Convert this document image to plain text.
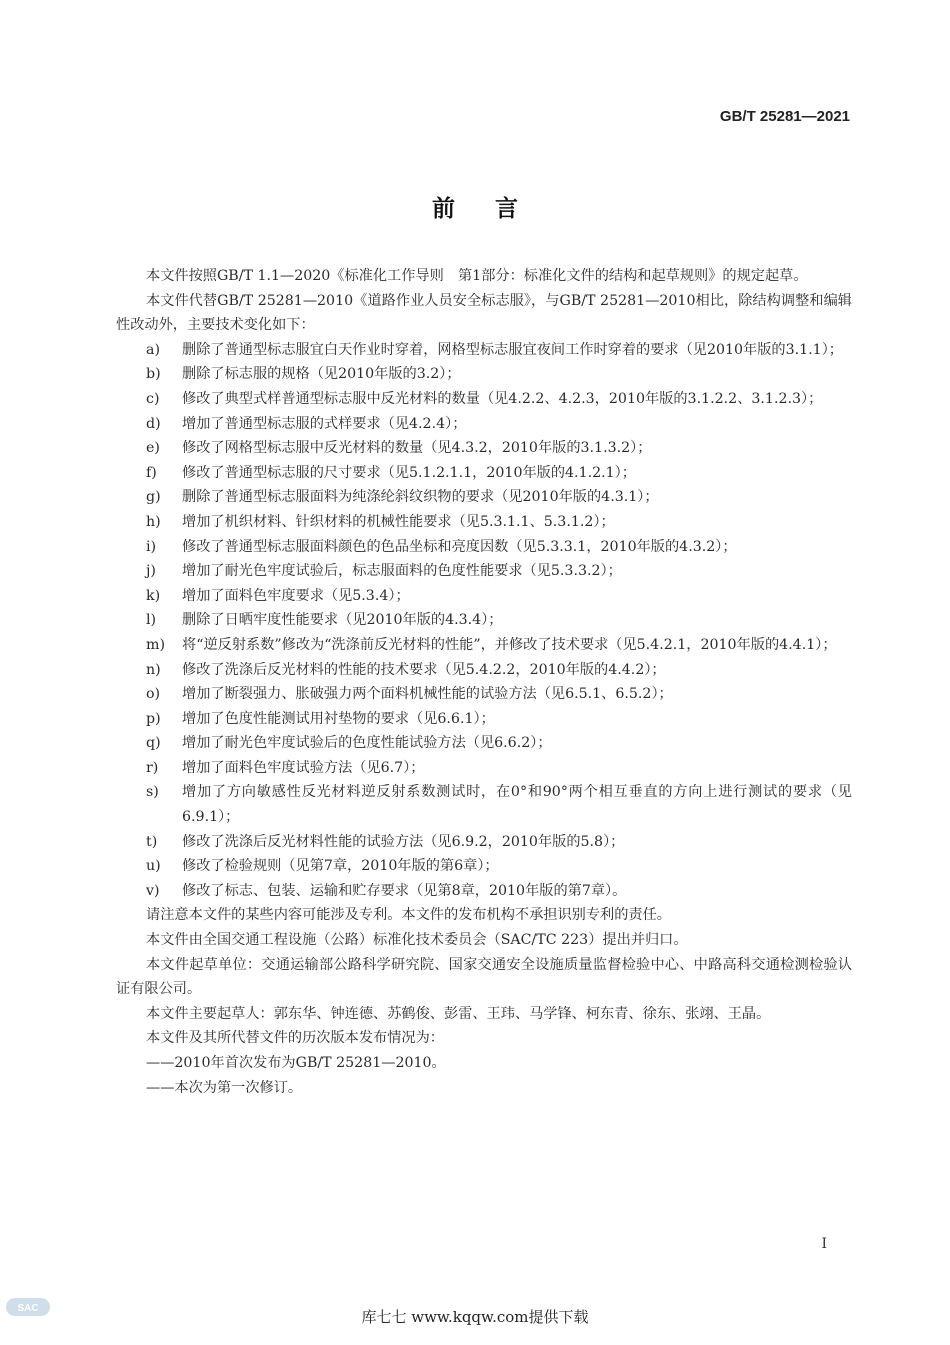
GB/T 25281—2021
前言

本文件按照GB/T 1.1—2020《标准化工作导则　第1部分：标准化文件的结构和起草规则》的规定起草。

本文件代替GB/T 25281—2010《道路作业人员安全标志服》，与GB/T 25281—2010相比，除结构调整和编辑性改动外，主要技术变化如下：

a)	删除了普通型标志服宜白天作业时穿着，网格型标志服宜夜间工作时穿着的要求（见2010年版的3.1.1）；
b)	删除了标志服的规格（见2010年版的3.2）；
c)	修改了典型式样普通型标志服中反光材料的数量（见4.2.2、4.2.3，2010年版的3.1.2.2、3.1.2.3）；
d)	增加了普通型标志服的式样要求（见4.2.4）；
e)	修改了网格型标志服中反光材料的数量（见4.3.2，2010年版的3.1.3.2）；
f)	修改了普通型标志服的尺寸要求（见5.1.2.1.1，2010年版的4.1.2.1）；
g)	删除了普通型标志服面料为纯涤纶斜纹织物的要求（见2010年版的4.3.1）；
h)	增加了机织材料、针织材料的机械性能要求（见5.3.1.1、5.3.1.2）；
i)	修改了普通型标志服面料颜色的色品坐标和亮度因数（见5.3.3.1，2010年版的4.3.2）；
j)	增加了耐光色牢度试验后，标志服面料的色度性能要求（见5.3.3.2）；
k)	增加了面料色牢度要求（见5.3.4）；
l)	删除了日晒牢度性能要求（见2010年版的4.3.4）；
m)	将“逆反射系数”修改为“洗涤前反光材料的性能”，并修改了技术要求（见5.4.2.1，2010年版的4.4.1）；
n)	修改了洗涤后反光材料的性能的技术要求（见5.4.2.2，2010年版的4.4.2）；
o)	增加了断裂强力、胀破强力两个面料机械性能的试验方法（见6.5.1、6.5.2）；
p)	增加了色度性能测试用衬垫物的要求（见6.6.1）；
q)	增加了耐光色牢度试验后的色度性能试验方法（见6.6.2）；
r)	增加了面料色牢度试验方法（见6.7）；
s)	增加了方向敏感性反光材料逆反射系数测试时，在0°和90°两个相互垂直的方向上进行测试的要求（见6.9.1）；
t)	修改了洗涤后反光材料性能的试验方法（见6.9.2，2010年版的5.8）；
u)	修改了检验规则（见第7章，2010年版的第6章）；
v)	修改了标志、包装、运输和贮存要求（见第8章，2010年版的第7章）。

请注意本文件的某些内容可能涉及专利。本文件的发布机构不承担识别专利的责任。

本文件由全国交通工程设施（公路）标准化技术委员会（SAC/TC 223）提出并归口。

本文件起草单位：交通运输部公路科学研究院、国家交通安全设施质量监督检验中心、中路高科交通检测检验认证有限公司。

本文件主要起草人：郭东华、钟连德、苏鹤俊、彭雷、王玮、马学锋、柯东青、徐东、张翊、王晶。

本文件及其所代替文件的历次版本发布情况为：

——2010年首次发布为GB/T 25281—2010。

——本次为第一次修订。

I
SAC	库七七 www.kqqw.com提供下载
